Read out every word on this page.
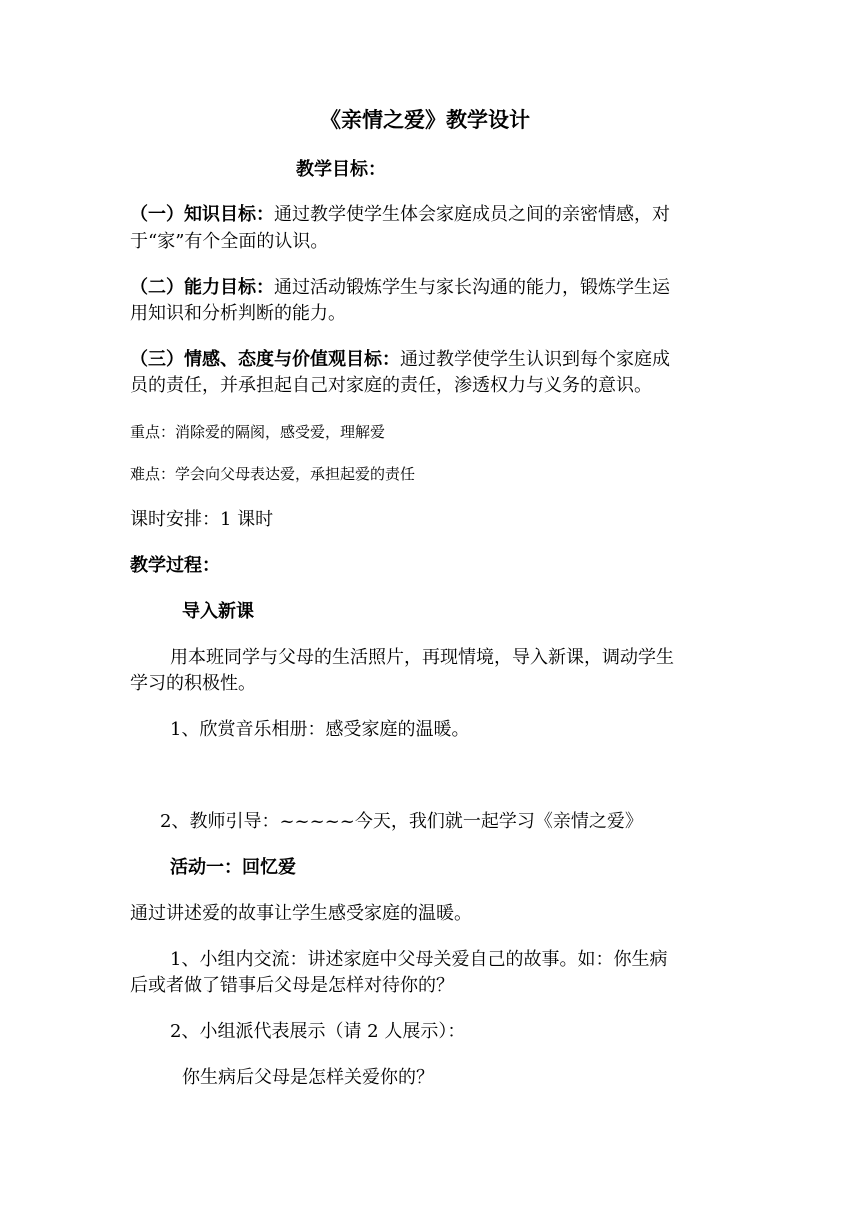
《亲情之爱》教学设计
教学目标：
（一）知识目标：通过教学使学生体会家庭成员之间的亲密情感，对
于“家”有个全面的认识。
（二）能力目标：通过活动锻炼学生与家长沟通的能力，锻炼学生运
用知识和分析判断的能力。
（三）情感、态度与价值观目标：通过教学使学生认识到每个家庭成
员的责任，并承担起自己对家庭的责任，渗透权力与义务的意识。
重点：消除爱的隔阂，感受爱，理解爱
难点：学会向父母表达爱，承担起爱的责任
课时安排：1 课时
教学过程：
导入新课
用本班同学与父母的生活照片，再现情境，导入新课，调动学生
学习的积极性。
1、欣赏音乐相册：感受家庭的温暖。
2、教师引导：~~~~~今天，我们就一起学习《亲情之爱》
活动一：回忆爱
通过讲述爱的故事让学生感受家庭的温暖。
1、小组内交流：讲述家庭中父母关爱自己的故事。如：你生病
后或者做了错事后父母是怎样对待你的？
2、小组派代表展示（请 2 人展示）：
你生病后父母是怎样关爱你的？
